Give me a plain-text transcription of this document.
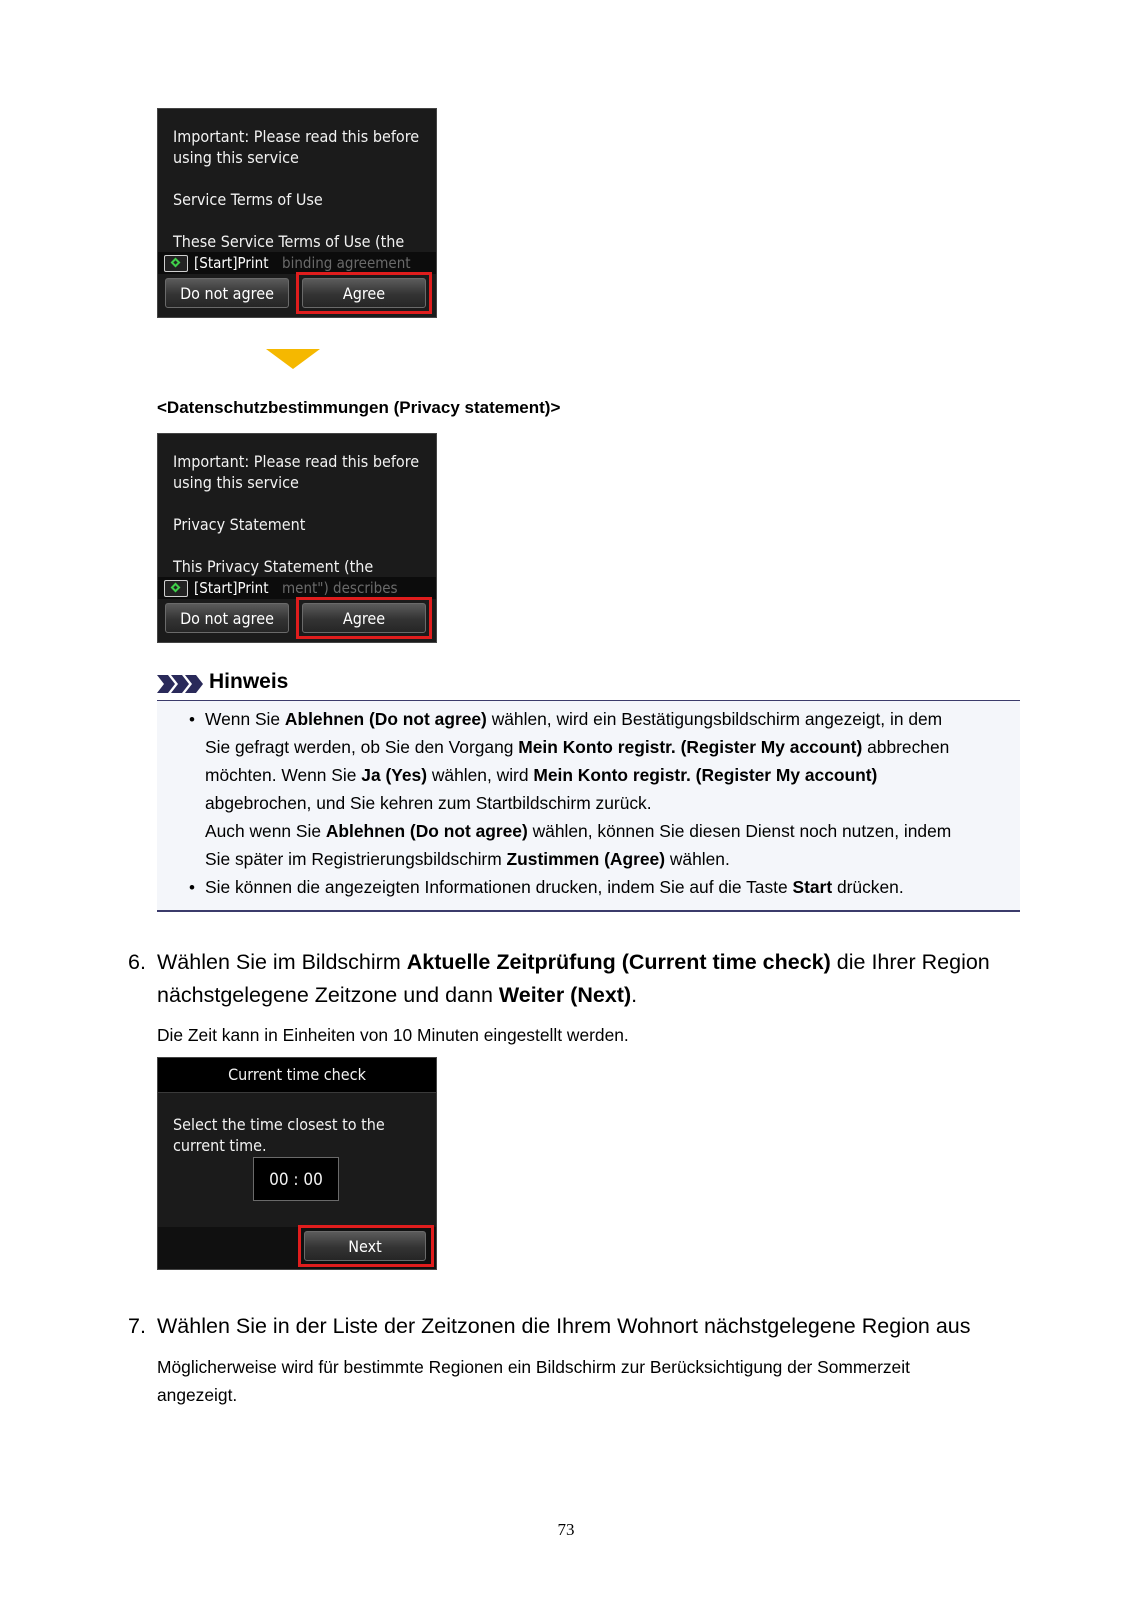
Important: Please read this before
using this service
Service Terms of Use
These Service Terms of Use (the
binding agreement
[Start]Print
Do not agree	Agree
<Datenschutzbestimmungen (Privacy statement)>
Important: Please read this before
using this service
Privacy Statement
This Privacy Statement (the
ment") describes
[Start]Print
Do not agree	Agree
Hinweis
• Wenn Sie Ablehnen (Do not agree) wählen, wird ein Bestätigungsbildschirm angezeigt, in dem
Sie gefragt werden, ob Sie den Vorgang Mein Konto registr. (Register My account) abbrechen
möchten. Wenn Sie Ja (Yes) wählen, wird Mein Konto registr. (Register My account)
abgebrochen, und Sie kehren zum Startbildschirm zurück.
Auch wenn Sie Ablehnen (Do not agree) wählen, können Sie diesen Dienst noch nutzen, indem
Sie später im Registrierungsbildschirm Zustimmen (Agree) wählen.
• Sie können die angezeigten Informationen drucken, indem Sie auf die Taste Start drücken.
6. Wählen Sie im Bildschirm Aktuelle Zeitprüfung (Current time check) die Ihrer Region
nächstgelegene Zeitzone und dann Weiter (Next).
Die Zeit kann in Einheiten von 10 Minuten eingestellt werden.
Current time check
Select the time closest to the
current time.
00 : 00
Next
7. Wählen Sie in der Liste der Zeitzonen die Ihrem Wohnort nächstgelegene Region aus
Möglicherweise wird für bestimmte Regionen ein Bildschirm zur Berücksichtigung der Sommerzeit
angezeigt.
73
